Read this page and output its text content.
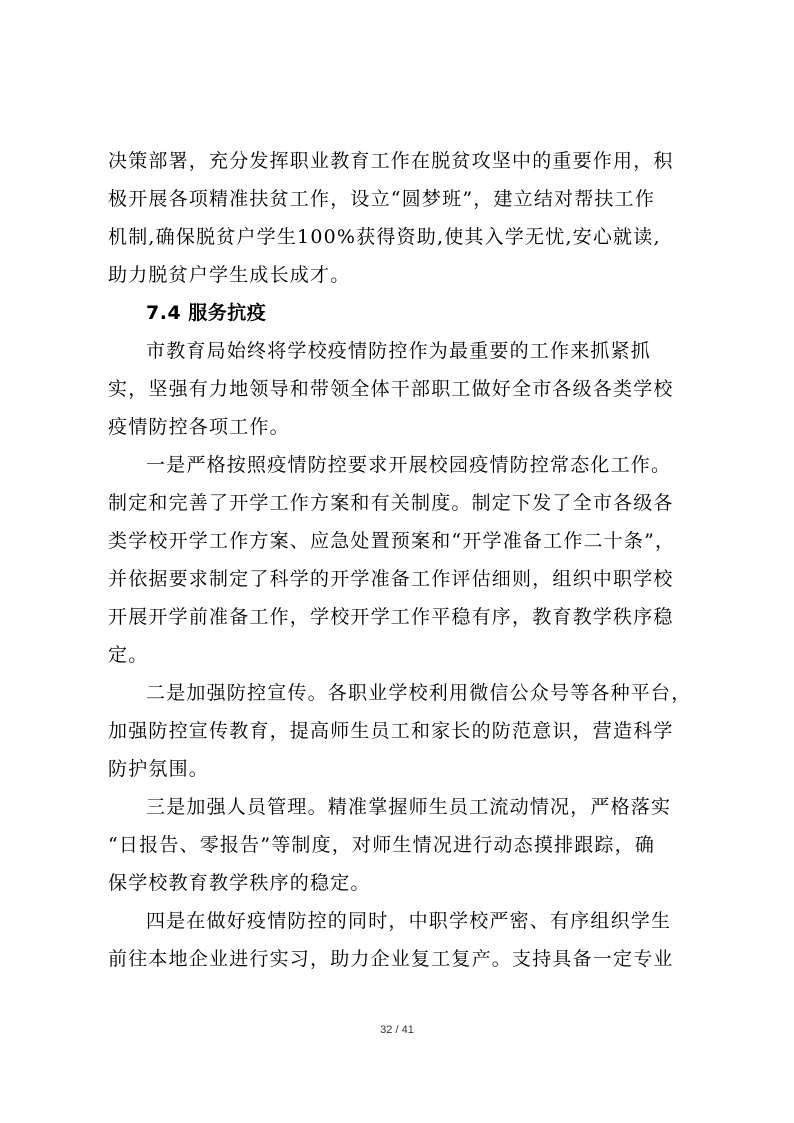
决策部署，充分发挥职业教育工作在脱贫攻坚中的重要作用，积
极开展各项精准扶贫工作，设立“圆梦班”，建立结对帮扶工作
机制,确保脱贫户学生100%获得资助,使其入学无忧,安心就读,
助力脱贫户学生成长成才。
7.4 服务抗疫
市教育局始终将学校疫情防控作为最重要的工作来抓紧抓
实，坚强有力地领导和带领全体干部职工做好全市各级各类学校
疫情防控各项工作。
一是严格按照疫情防控要求开展校园疫情防控常态化工作。
制定和完善了开学工作方案和有关制度。制定下发了全市各级各
类学校开学工作方案、应急处置预案和“开学准备工作二十条”，
并依据要求制定了科学的开学准备工作评估细则，组织中职学校
开展开学前准备工作，学校开学工作平稳有序，教育教学秩序稳
定。
二是加强防控宣传。各职业学校利用微信公众号等各种平台，
加强防控宣传教育，提高师生员工和家长的防范意识，营造科学
防护氛围。
三是加强人员管理。精准掌握师生员工流动情况，严格落实
“日报告、零报告”等制度，对师生情况进行动态摸排跟踪，确
保学校教育教学秩序的稳定。
四是在做好疫情防控的同时，中职学校严密、有序组织学生
前往本地企业进行实习，助力企业复工复产。支持具备一定专业
32 / 41
